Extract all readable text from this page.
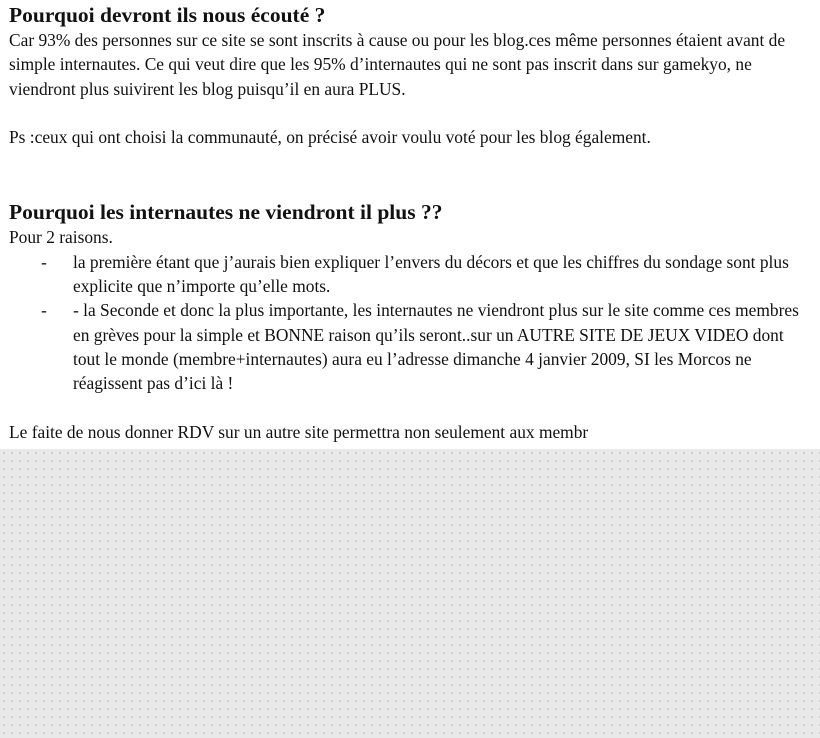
Pourquoi devront ils nous écouté ?

Car 93% des personnes sur ce site se sont inscrits à cause ou pour les blog.ces même personnes étaient avant de simple internautes. Ce qui veut dire que les 95% d’internautes qui ne sont pas inscrit dans sur gamekyo, ne viendront plus suivirent les blog puisqu’il en aura PLUS.

Ps :ceux qui ont choisi la communauté, on précisé avoir voulu voté pour les blog également.

Pourquoi les internautes ne viendront il plus ??

Pour 2 raisons.

- la première étant que j’aurais bien expliquer l’envers du décors et que les chiffres du sondage sont plus explicite que n’importe qu’elle mots.
- - la Seconde et donc la plus importante, les internautes ne viendront plus sur le site comme ces membres en grèves pour la simple et BONNE raison qu’ils seront..sur un AUTRE SITE DE JEUX VIDEO dont tout le monde (membre+internautes) aura eu l’adresse dimanche 4 janvier 2009, SI les Morcos ne réagissent pas d’ici là !

Le faite de nous donner RDV sur un autre site permettra non seulement aux membr
